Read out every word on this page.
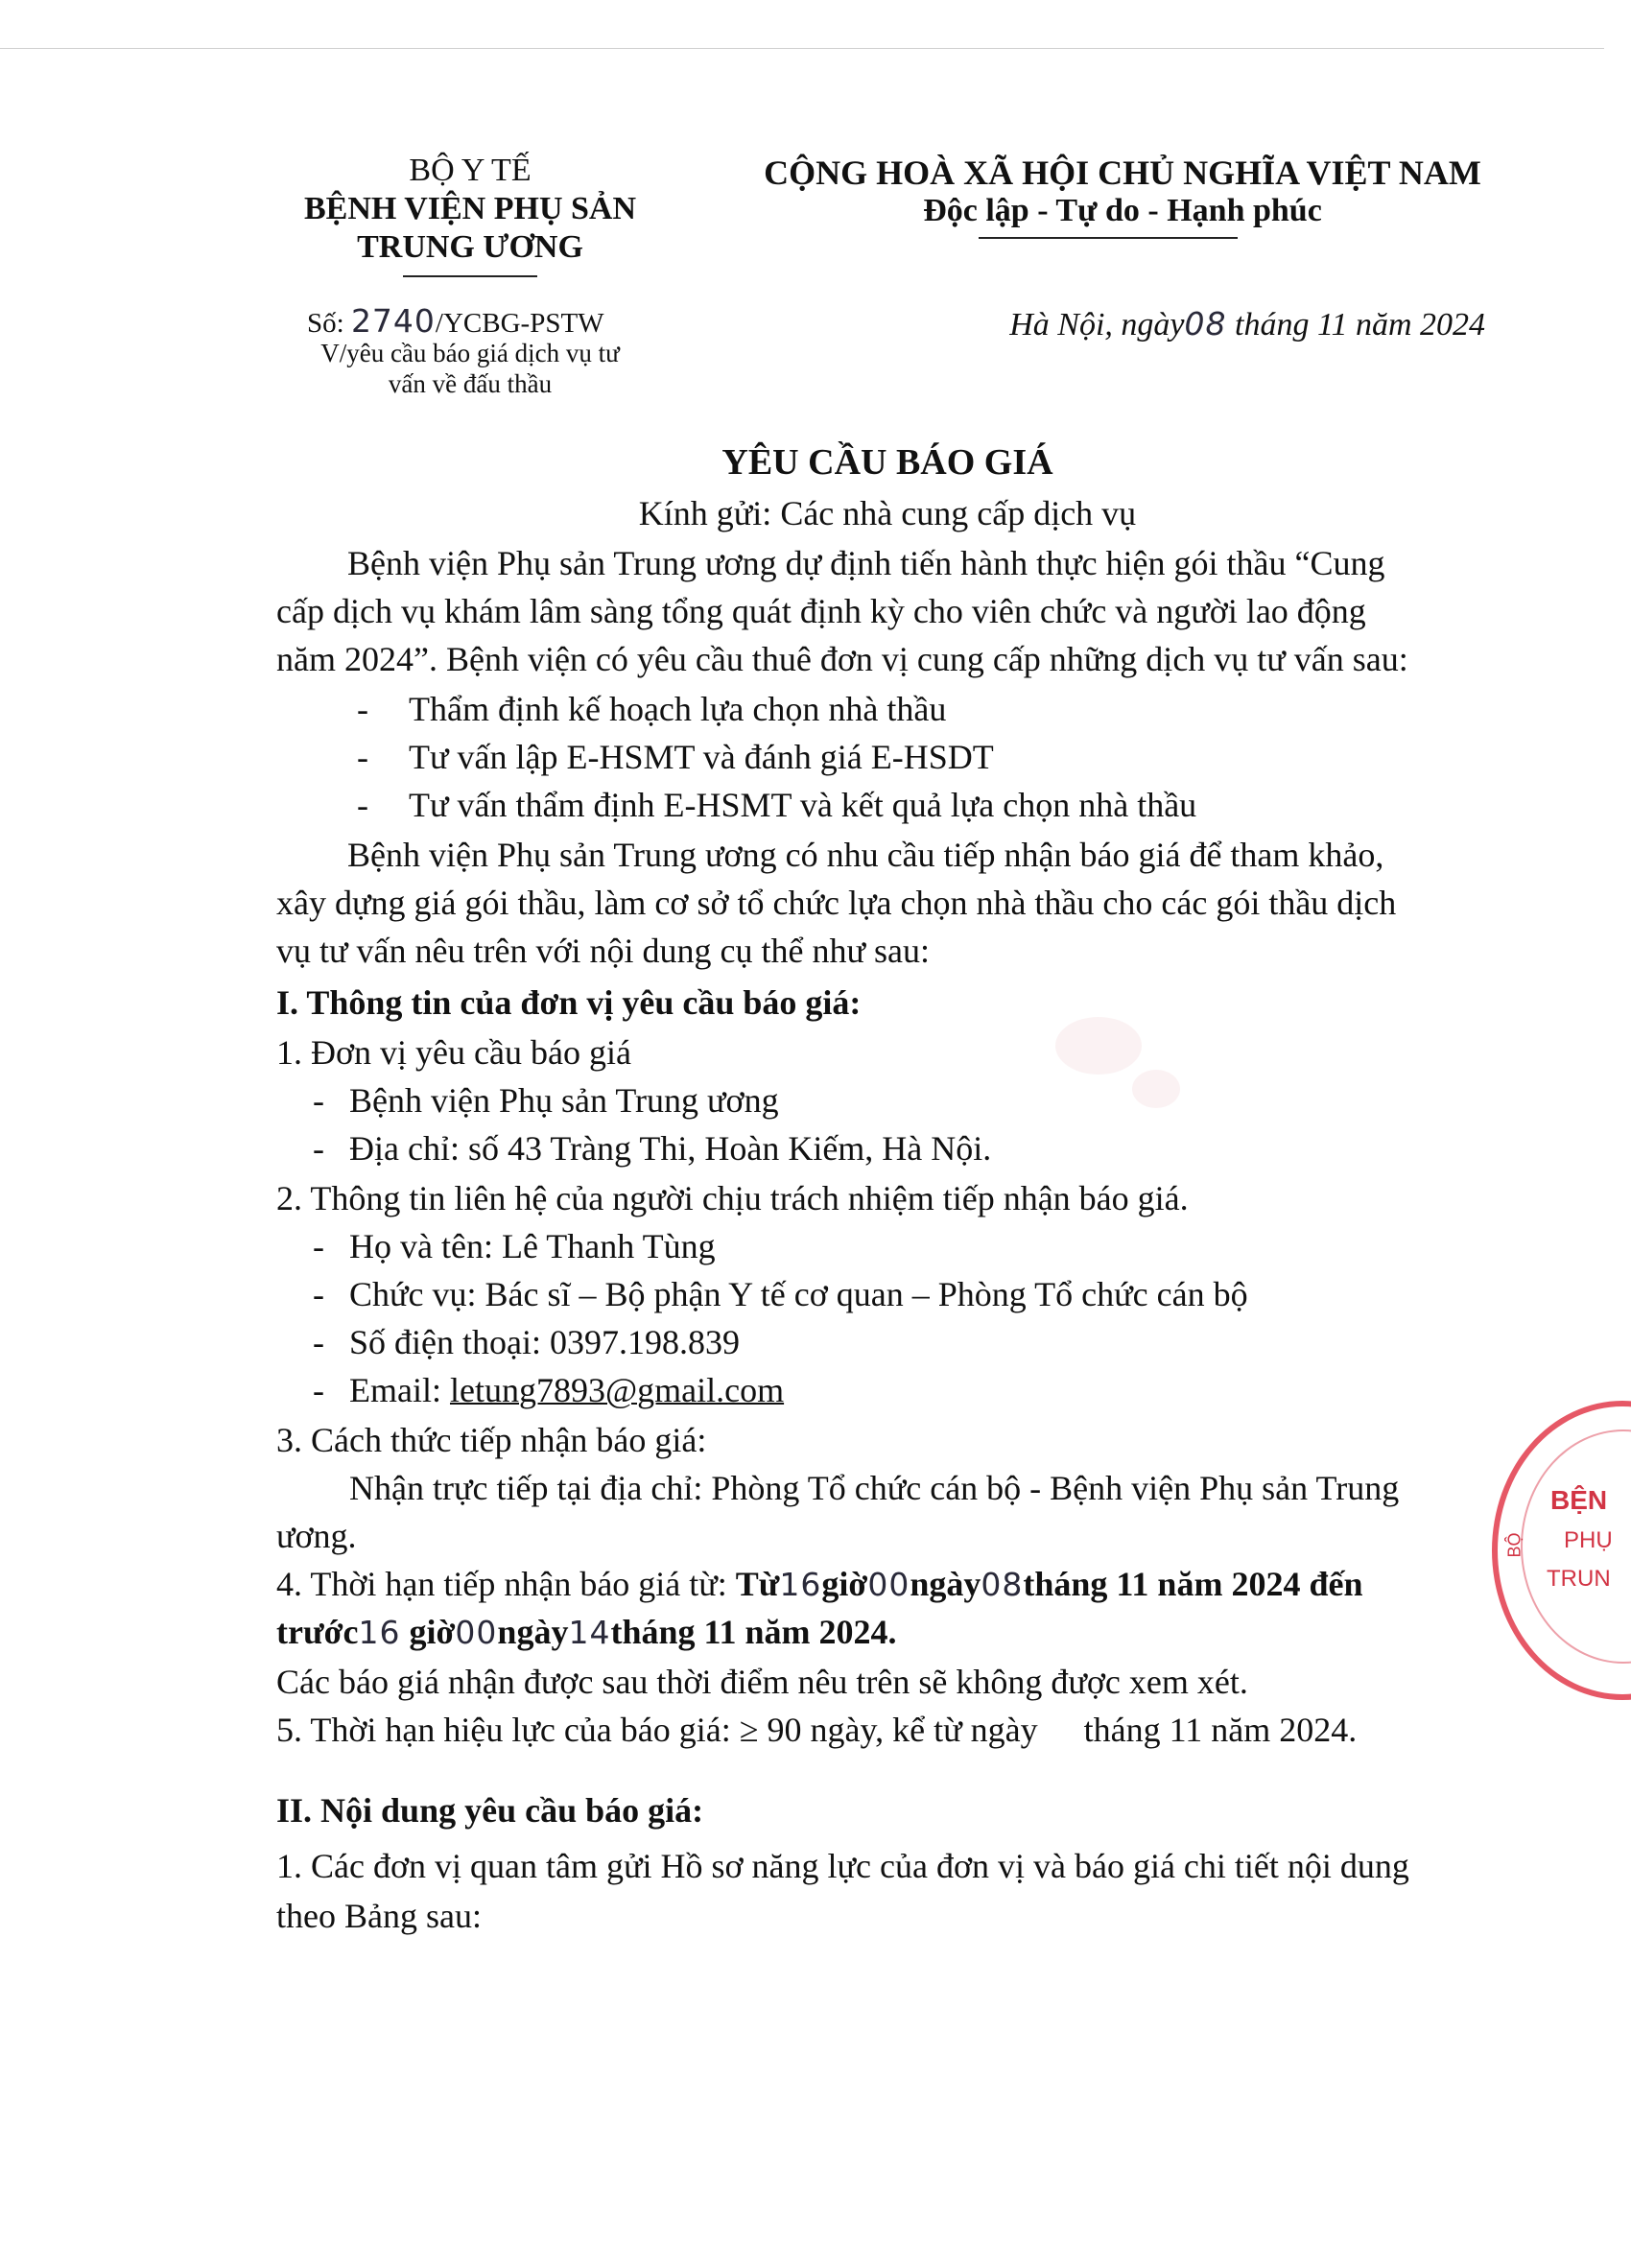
BỘ Y TẾ
BỆNH VIỆN PHỤ SẢN
TRUNG ƯƠNG
CỘNG HOÀ XÃ HỘI CHỦ NGHĨA VIỆT NAM
Độc lập - Tự do - Hạnh phúc
Số: 2740/YCBG-PSTW
V/yêu cầu báo giá dịch vụ tư
vấn về đấu thầu
Hà Nội, ngày08 tháng 11 năm 2024
YÊU CẦU BÁO GIÁ
Kính gửi: Các nhà cung cấp dịch vụ
Bệnh viện Phụ sản Trung ương dự định tiến hành thực hiện gói thầu “Cung
cấp dịch vụ khám lâm sàng tổng quát định kỳ cho viên chức và người lao động
năm 2024”. Bệnh viện có yêu cầu thuê đơn vị cung cấp những dịch vụ tư vấn sau:
- Thẩm định kế hoạch lựa chọn nhà thầu
- Tư vấn lập E-HSMT và đánh giá E-HSDT
- Tư vấn thẩm định E-HSMT và kết quả lựa chọn nhà thầu
Bệnh viện Phụ sản Trung ương có nhu cầu tiếp nhận báo giá để tham khảo,
xây dựng giá gói thầu, làm cơ sở tổ chức lựa chọn nhà thầu cho các gói thầu dịch
vụ tư vấn nêu trên với nội dung cụ thể như sau:
I. Thông tin của đơn vị yêu cầu báo giá:
1. Đơn vị yêu cầu báo giá
- Bệnh viện Phụ sản Trung ương
- Địa chỉ: số 43 Tràng Thi, Hoàn Kiếm, Hà Nội.
2. Thông tin liên hệ của người chịu trách nhiệm tiếp nhận báo giá.
- Họ và tên: Lê Thanh Tùng
- Chức vụ: Bác sĩ – Bộ phận Y tế cơ quan – Phòng Tổ chức cán bộ
- Số điện thoại: 0397.198.839
- Email: letung7893@gmail.com
3. Cách thức tiếp nhận báo giá:
Nhận trực tiếp tại địa chỉ: Phòng Tổ chức cán bộ - Bệnh viện Phụ sản Trung
ương.
4. Thời hạn tiếp nhận báo giá từ: Từ16giờ00ngày08tháng 11 năm 2024 đến
trước16 giờ00ngày14tháng 11 năm 2024.
Các báo giá nhận được sau thời điểm nêu trên sẽ không được xem xét.
5. Thời hạn hiệu lực của báo giá: ≥ 90 ngày, kể từ ngày tháng 11 năm 2024.
II. Nội dung yêu cầu báo giá:
1. Các đơn vị quan tâm gửi Hồ sơ năng lực của đơn vị và báo giá chi tiết nội dung
theo Bảng sau:
BỆN
PHỤ
TRUN
BỘ
